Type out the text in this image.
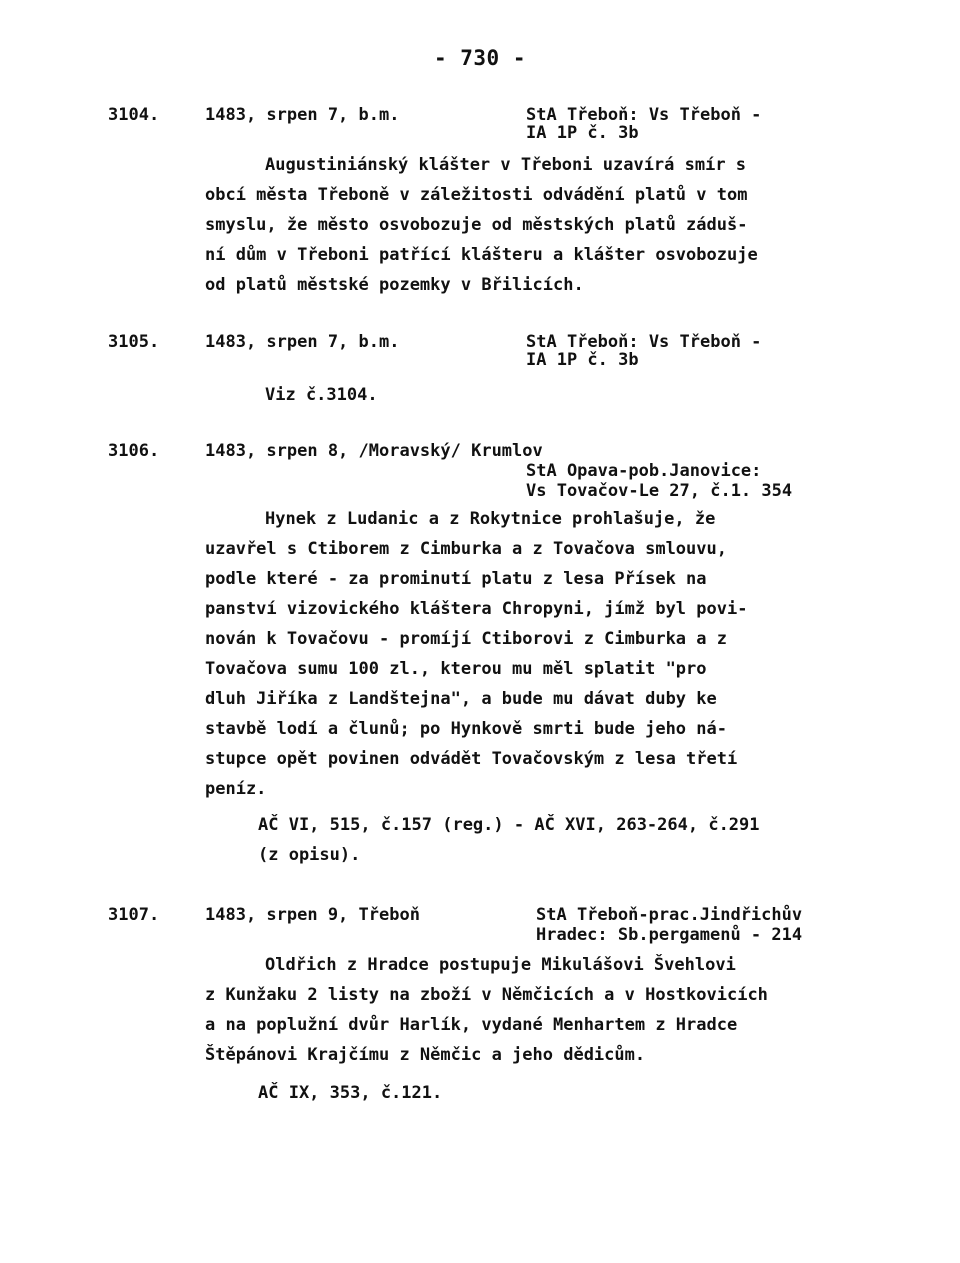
- 730 -
3104.	1483, srpen 7, b.m.	StA Třeboň: Vs Třeboň -
IA 1P č. 3b
Augustiniánský klášter v Třeboni uzavírá smír s
obcí města Třeboně v záležitosti odvádění platů v tom
smyslu, že město osvobozuje od městských platů záduš-
ní dům v Třeboni patřící klášteru a klášter osvobozuje
od platů městské pozemky v Břilicích.
3105.	1483, srpen 7, b.m.	StA Třeboň: Vs Třeboň -
IA 1P č. 3b
Viz č.3104.
3106.	1483, srpen 8, /Moravský/ Krumlov
StA Opava-pob.Janovice:
Vs Tovačov-Le 27, č.1. 354
Hynek z Ludanic a z Rokytnice prohlašuje, že
uzavřel s Ctiborem z Cimburka a z Tovačova smlouvu,
podle které - za prominutí platu z lesa Přísek na
panství vizovického kláštera Chropyni, jímž byl povi-
nován k Tovačovu - promíjí Ctiborovi z Cimburka a z
Tovačova sumu 100 zl., kterou mu měl splatit "pro
dluh Jiříka z Landštejna", a bude mu dávat duby ke
stavbě lodí a člunů; po Hynkově smrti bude jeho ná-
stupce opět povinen odvádět Tovačovským z lesa třetí
peníz.
AČ VI, 515, č.157 (reg.) - AČ XVI, 263-264, č.291
(z opisu).
3107.	1483, srpen 9, Třeboň	StA Třeboň-prac.Jindřichův
Hradec: Sb.pergamenů - 214
Oldřich z Hradce postupuje Mikulášovi Švehlovi
z Kunžaku 2 listy na zboží v Němčicích a v Hostkovicích
a na poplužní dvůr Harlík, vydané Menhartem z Hradce
Štěpánovi Krajčímu z Němčic a jeho dědicům.
AČ IX, 353, č.121.
